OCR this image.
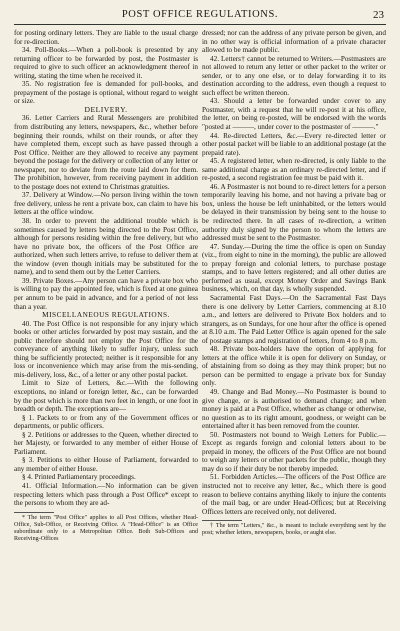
POST OFFICE REGULATIONS.	23

for posting ordinary letters. They are liable to the usual charge for re-direction.

34. Poll-Books.—When a poll-book is presented by any returning officer to be forwarded by post, the Postmaster is required to give to such officer an acknowledgment thereof in writing, stating the time when he received it.

35. No registration fee is demanded for poll-books, and prepayment of the postage is optional, without regard to weight or size.

DELIVERY.

36. Letter Carriers and Rural Messengers are prohibited from distributing any letters, newspapers, &c., whether before beginning their rounds, whilst on their rounds, or after they have completed them, except such as have passed through a Post Office. Neither are they allowed to receive any payment beyond the postage for the delivery or collection of any letter or newspaper, nor to deviate from the route laid down for them. The prohibition, however, from receiving payment in addition to the postage does not extend to Christmas gratuities.

37. Delivery at Window.—No person living within the town free delivery, unless he rent a private box, can claim to have his letters at the office window.

38. In order to prevent the additional trouble which is sometimes caused by letters being directed to the Post Office, although for persons residing within the free delivery, but who have no private box, the officers of the Post Office are authorized, when such letters arrive, to refuse to deliver them at the window (even though initials may be substituted for the name), and to send them out by the Letter Carriers.

39. Private Boxes.—Any person can have a private box who is willing to pay the appointed fee, which is fixed at one guinea per annum to be paid in advance, and for a period of not less than a year.

MISCELLANEOUS REGULATIONS.

40. The Post Office is not responsible for any injury which books or other articles forwarded by post may sustain, and the public therefore should not employ the Post Office for the conveyance of anything likely to suffer injury, unless such thing be sufficiently protected; neither is it responsible for any loss or inconvenience which may arise from the mis-sending, mis-delivery, loss, &c., of a letter or any other postal packet.

Limit to Size of Letters, &c.—With the following exceptions, no inland or foreign letter, &c., can be forwarded by the post which is more than two feet in length, or one foot in breadth or depth. The exceptions are—

§ 1. Packets to or from any of the Government offices or departments, or public officers.

§ 2. Petitions or addresses to the Queen, whether directed to her Majesty, or forwarded to any member of either House of Parliament.

§ 3. Petitions to either House of Parliament, forwarded to any member of either House.

§ 4. Printed Parliamentary proceedings.

41. Official Information.—No information can be given respecting letters which pass through a Post Office* except to the persons to whom they are ad-

* The term "Post Office" applies to all Post Offices, whether Head-Office, Sub-Office, or Receiving Office. A "Head-Office" is an Office subordinate only to a Metropolitan Office. Both Sub-Offices and Receiving-Offices

dressed; nor can the address of any private person be given, and in no other way is official information of a private character allowed to be made public.

42. Letters† cannot be returned to Writers.—Postmasters are not allowed to return any letter or other packet to the writer or sender, or to any one else, or to delay forwarding it to its destination according to the address, even though a request to such effect be written thereon.

43. Should a letter be forwarded under cover to any Postmaster, with a request that he will re-post it at his office, the letter, on being re-posted, will be endorsed with the words "posted at ———, under cover to the postmaster of ———."

44. Re-directed Letters, &c.—Every re-directed letter or other postal packet will be liable to an additional postage (at the prepaid rate).

45. A registered letter, when re-directed, is only liable to the same additional charge as an ordinary re-directed letter, and if re-posted, a second registration fee must be paid with it.

46. A Postmaster is not bound to re-direct letters for a person temporarily leaving his home, and not having a private bag or box, unless the house be left uninhabited, or the letters would be delayed in their transmission by being sent to the house to be redirected there. In all cases of re-direction, a written authority duly signed by the person to whom the letters are addressed must be sent to the Postmaster.

47. Sunday.—During the time the office is open on Sunday (viz., from eight to nine in the morning), the public are allowed to prepay foreign and colonial letters, to purchase postage stamps, and to have letters registered; and all other duties are performed as usual, except Money Order and Savings Bank business, which, on that day, is wholly suspended.

Sacramental Fast Days.—On the Sacramental Fast Days there is one delivery by Letter Carriers, commencing at 8.10 a.m., and letters are delivered to Private Box holders and to strangers, as on Sundays, for one hour after the office is opened at 8.10 a.m. The Paid Letter Office is again opened for the sale of postage stamps and registration of letters, from 4 to 8 p.m.

48. Private box-holders have the option of applying for letters at the office while it is open for delivery on Sunday, or of abstaining from so doing as they may think proper; but no person can be permitted to engage a private box for Sunday only.

49. Change and Bad Money.—No Postmaster is bound to give change, or is authorised to demand change; and when money is paid at a Post Office, whether as change or otherwise, no question as to its right amount, goodness, or weight can be entertained after it has been removed from the counter.

50. Postmasters not bound to Weigh Letters for Public.—Except as regards foreign and colonial letters about to be prepaid in money, the officers of the Post Office are not bound to weigh any letters or other packets for the public, though they may do so if their duty be not thereby impeded.

51. Forbidden Articles.—The officers of the Post Office are instructed not to receive any letter, &c., which there is good reason to believe contains anything likely to injure the contents of the mail bag, or are under Head-Offices; but at Receiving Offices letters are received only, not delivered.

† The term "Letters," &c., is meant to include everything sent by the post; whether letters, newspapers, books, or aught else.
